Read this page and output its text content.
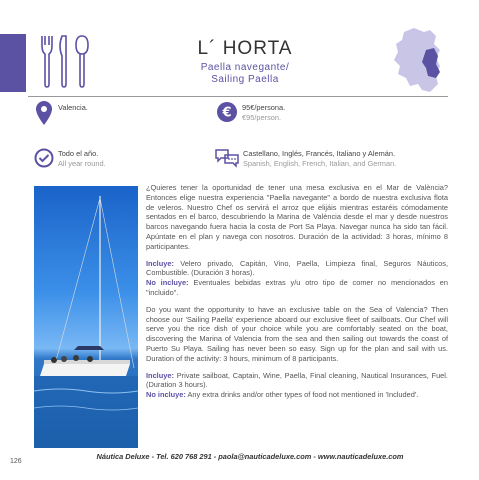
L´ HORTA
Paella navegante/
Sailing Paella
Valencia.	€ 95€/persona.
€95/person.
Todo el año.
All year round.
Castellano, Inglés, Francés, Italiano y Alemán.
Spanish, English, French, Italian, and German.

¿Quieres tener la oportunidad de tener una mesa exclusiva en el Mar de València? Entonces elige nuestra experiencia "Paella navegante" a bordo de nuestra exclusiva flota de veleros. Nuestro Chef os servirá el arroz que elijáis mientras estaréis cómodamente sentados en el barco, descubriendo la Marina de València desde el mar y desde nuestros barcos navegando fuera hacia la costa de Port Sa Playa. Navegar nunca ha sido tan fácil. Apúntate en el plan y navega con nosotros. Duración de la actividad: 3 horas, mínimo 8 participantes.

Incluye: Velero privado, Capitán, Vino, Paella, Limpieza final, Seguros Náuticos, Combustible. (Duración 3 horas).

No incluye: Eventuales bebidas extras y/u otro tipo de comer no mencionados en "incluido".

Do you want the opportunity to have an exclusive table on the Sea of Valencia? Then choose our 'Sailing Paella' experience aboard our exclusive fleet of sailboats. Our Chef will serve you the rice dish of your choice while you are comfortably seated on the boat, discovering the Marina of Valencia from the sea and then sailing out towards the coast of Puerto Su Playa. Sailing has never been so easy. Sign up for the plan and sail with us. Duration of the activity: 3 hours, minimum of 8 participants.

Incluye: Private sailboat, Captain, Wine, Paella, Final cleaning, Nautical Insurances, Fuel. (Duration 3 hours).

No incluye: Any extra drinks and/or other types of food not mentioned in 'Included'.

126
Náutica Deluxe - Tel. 620 768 291 - paola@nauticadeluxe.com - www.nauticadeluxe.com
